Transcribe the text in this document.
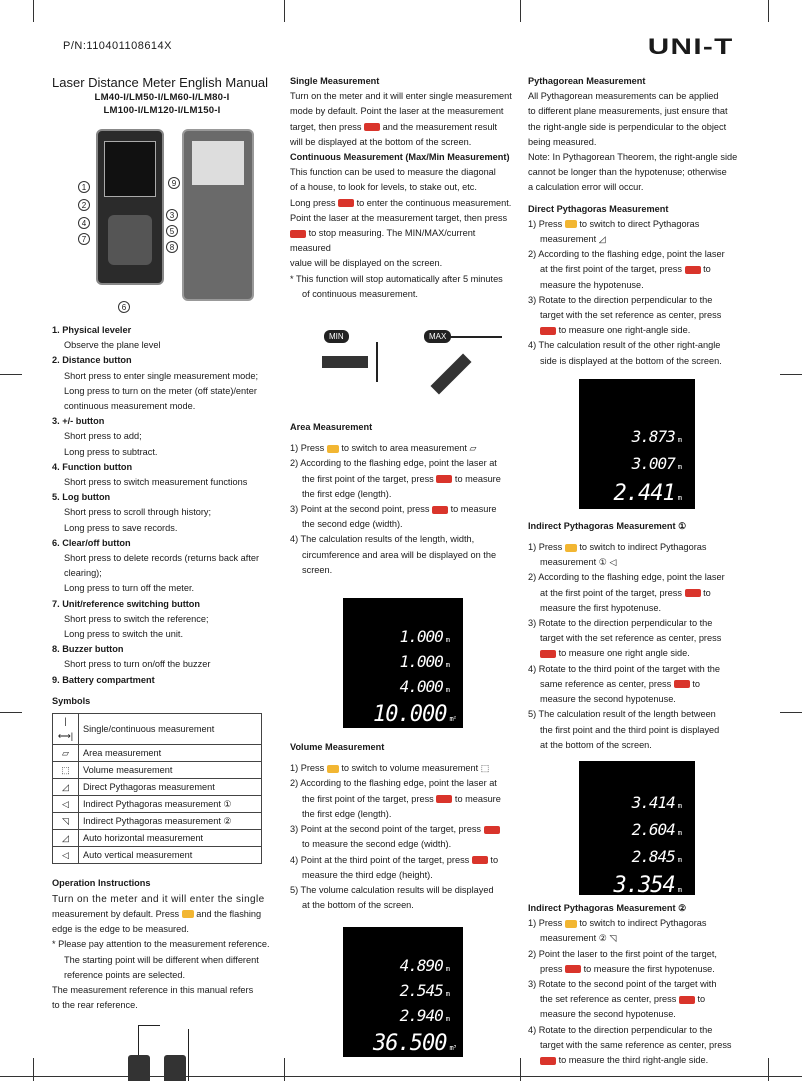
P/N:110401108614X	UNI-T
Laser Distance Meter English Manual
LM40-I/LM50-I/LM60-I/LM80-I
LM100-I/LM120-I/LM150-I
1
2
3
4
5
6
7
8
9
1. Physical leveler
Observe the plane level
2. Distance button
Short press to enter single measurement mode;
Long press to turn on the meter (off state)/enter
continuous measurement mode.
3. +/- button
Short press to add;
Long press to subtract.
4. Function button
Short press to switch measurement functions
5. Log button
Short press to scroll through history;
Long press to save records.
6. Clear/off button
Short press to delete records (returns back after
clearing);
Long press to turn off the meter.
7. Unit/reference switching button
Short press to switch the reference;
Long press to switch the unit.
8. Buzzer button
Short press to turn on/off the buzzer
9. Battery compartment
Symbols
|⟷|	Single/continuous measurement
▱	Area measurement
⬚	Volume measurement
◿	Direct Pythagoras measurement
◁	Indirect Pythagoras measurement ①
◹	Indirect Pythagoras measurement ②
◿	Auto horizontal measurement
◁	Auto vertical measurement
Operation Instructions
Turn on the meter and it will enter the single
measurement by default. Press and the flashing
edge is the edge to be measured.
* Please pay attention to the measurement reference.
The starting point will be different when different
reference points are selected.
The measurement reference in this manual refers
to the rear reference.
Single Measurement
Turn on the meter and it will enter single measurement
mode by default. Point the laser at the measurement
target, then press and the measurement result
will be displayed at the bottom of the screen.
Continuous Measurement (Max/Min Measurement)
This function can be used to measure the diagonal
of a house, to look for levels, to stake out, etc.
Long press to enter the continuous measurement.
Point the laser at the measurement target, then press
to stop measuring. The MIN/MAX/current measured
value will be displayed on the screen.
* This function will stop automatically after 5 minutes
of continuous measurement.
MIN	MAX
Area Measurement
1) Press to switch to area measurement ▱
2) According to the flashing edge, point the laser at
the first point of the target, press to measure
the first edge (length).
3) Point at the second point, press to measure
the second edge (width).
4) The calculation results of the length, width,
circumference and area will be displayed on the
screen.
1.000 m
1.000 m
4.000 m
10.000 m²
Volume Measurement
1) Press to switch to volume measurement ⬚
2) According to the flashing edge, point the laser at
the first point of the target, press to measure
the first edge (length).
3) Point at the second point of the target, press
to measure the second edge (width).
4) Point at the third point of the target, press to
measure the third edge (height).
5) The volume calculation results will be displayed
at the bottom of the screen.
4.890 m
2.545 m
2.940 m
36.500 m³
Pythagorean Measurement
All Pythagorean measurements can be applied
to different plane measurements, just ensure that
the right-angle side is perpendicular to the object
being measured.
Note: In Pythagorean Theorem, the right-angle side
cannot be longer than the hypotenuse; otherwise
a calculation error will occur.
Direct Pythagoras Measurement
1) Press to switch to direct Pythagoras
measurement ◿
2) According to the flashing edge, point the laser
at the first point of the target, press to
measure the hypotenuse.
3) Rotate to the direction perpendicular to the
target with the set reference as center, press
to measure one right-angle side.
4) The calculation result of the other right-angle
side is displayed at the bottom of the screen.
3.873 m
3.007 m
2.441 m
Indirect Pythagoras Measurement ①
1) Press to switch to indirect Pythagoras
measurement ① ◁
2) According to the flashing edge, point the laser
at the first point of the target, press to
measure the first hypotenuse.
3) Rotate to the direction perpendicular to the
target with the set reference as center, press
to measure one right angle side.
4) Rotate to the third point of the target with the
same reference as center, press to
measure the second hypotenuse.
5) The calculation result of the length between
the first point and the third point is displayed
at the bottom of the screen.
3.414 m
2.604 m
2.845 m
3.354 m
Indirect Pythagoras Measurement ②
1) Press to switch to indirect Pythagoras
measurement ② ◹
2) Point the laser to the first point of the target,
press to measure the first hypotenuse.
3) Rotate to the second point of the target with
the set reference as center, press to
measure the second hypotenuse.
4) Rotate to the direction perpendicular to the
target with the same reference as center, press
to measure the third right-angle side.
